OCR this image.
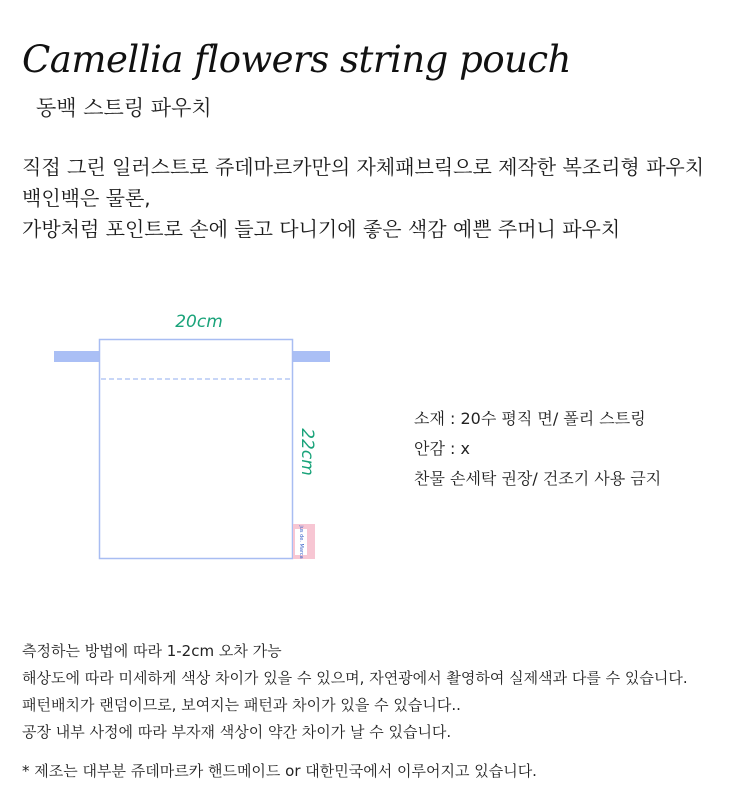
Camellia flowers string pouch
동백 스트링 파우치
직접 그린 일러스트로 쥬데마르카만의 자체패브릭으로 제작한 복조리형 파우치
백인백은 물론,
가방처럼 포인트로 손에 들고 다니기에 좋은 색감 예쁜 주머니 파우치
jus de. Marca
20cm
22cm
소재 : 20수 평직 면/ 폴리 스트링
안감 : x
찬물 손세탁 권장/ 건조기 사용 금지
측정하는 방법에 따라 1-2cm 오차 가능
해상도에 따라 미세하게 색상 차이가 있을 수 있으며, 자연광에서 촬영하여 실제색과 다를 수 있습니다.
패턴배치가 랜덤이므로, 보여지는 패턴과 차이가 있을 수 있습니다..
공장 내부 사정에 따라 부자재 색상이 약간 차이가 날 수 있습니다.
* 제조는 대부분 쥬데마르카 핸드메이드 or 대한민국에서 이루어지고 있습니다.
